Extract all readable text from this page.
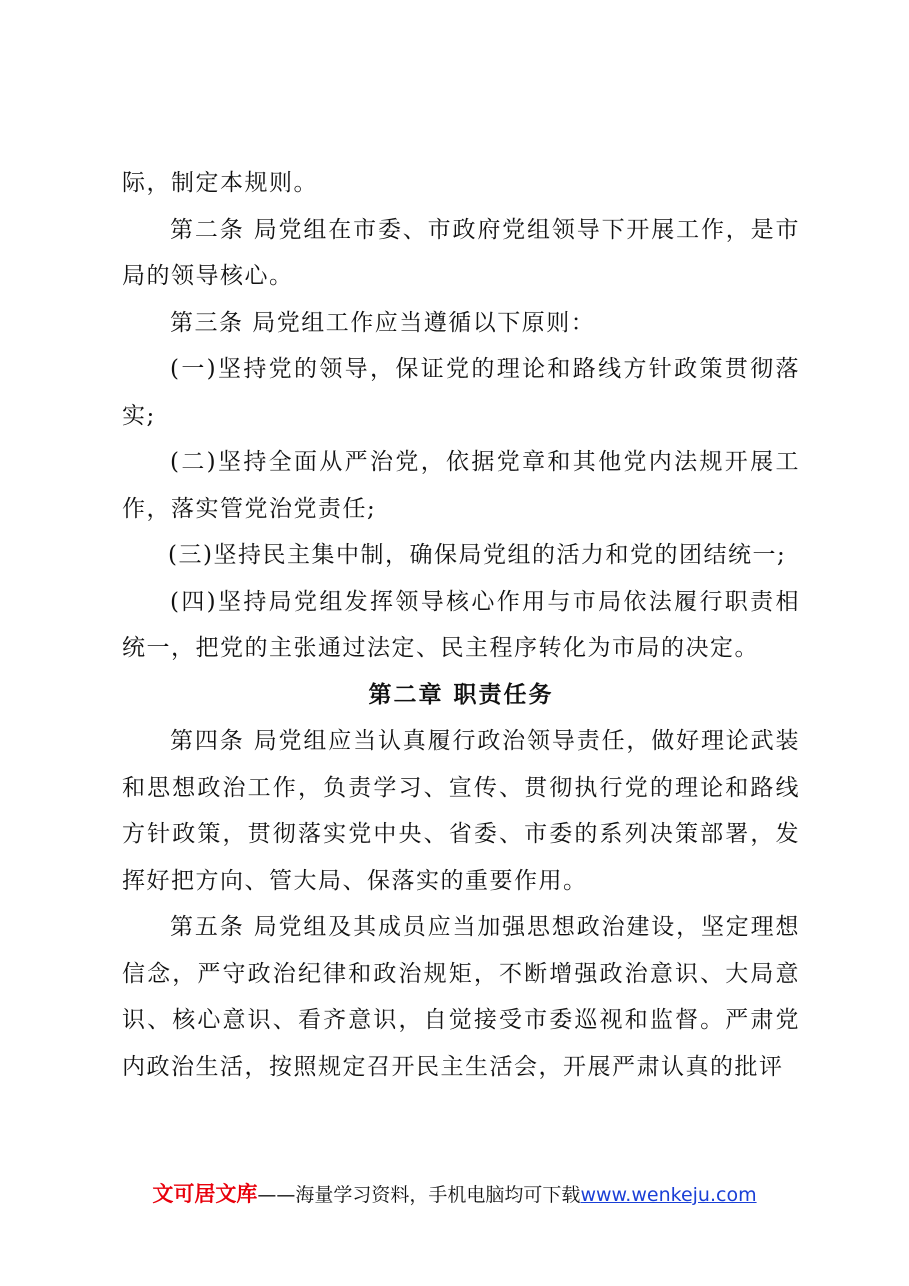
际，制定本规则。

第二条 局党组在市委、市政府党组领导下开展工作，是市局的领导核心。

第三条 局党组工作应当遵循以下原则：

(一)坚持党的领导，保证党的理论和路线方针政策贯彻落实;

(二)坚持全面从严治党，依据党章和其他党内法规开展工作，落实管党治党责任;

(三)坚持民主集中制，确保局党组的活力和党的团结统一;

(四)坚持局党组发挥领导核心作用与市局依法履行职责相统一，把党的主张通过法定、民主程序转化为市局的决定。

第二章 职责任务

第四条 局党组应当认真履行政治领导责任，做好理论武装和思想政治工作，负责学习、宣传、贯彻执行党的理论和路线方针政策，贯彻落实党中央、省委、市委的系列决策部署，发挥好把方向、管大局、保落实的重要作用。

第五条 局党组及其成员应当加强思想政治建设，坚定理想信念，严守政治纪律和政治规矩，不断增强政治意识、大局意识、核心意识、看齐意识，自觉接受市委巡视和监督。严肃党内政治生活，按照规定召开民主生活会，开展严肃认真的批评

文可居文库——海量学习资料，手机电脑均可下载www.wenkeju.com
